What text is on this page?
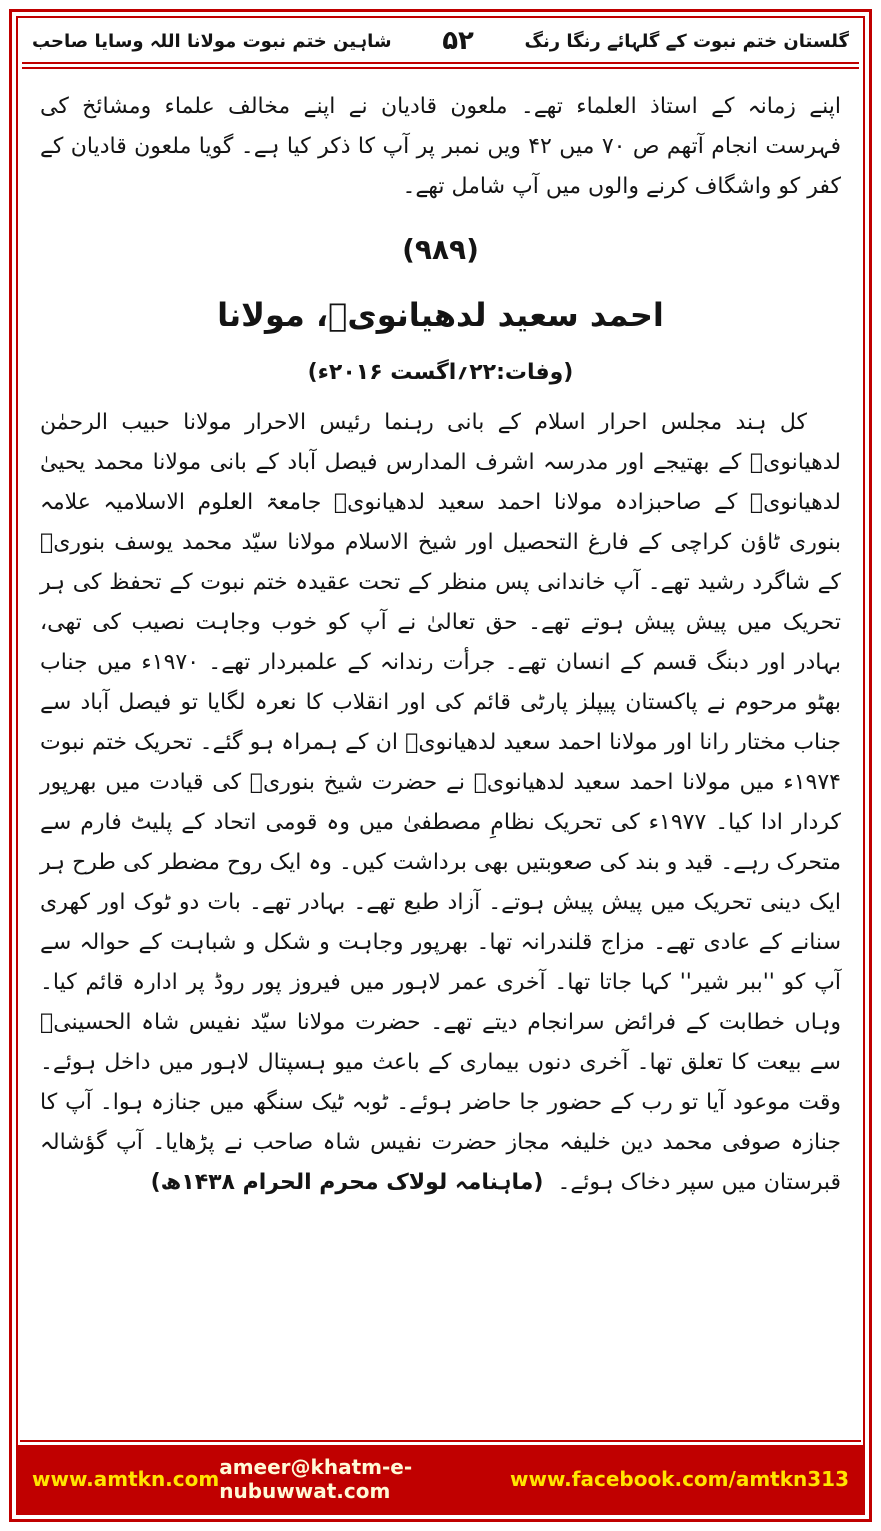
گلستان ختم نبوت کے گلہائے رنگا رنگ
۵۲
شاہین ختم نبوت مولانا اللہ وسایا صاحب

اپنے زمانہ کے استاذ العلماء تھے۔ ملعون قادیان نے اپنے مخالف علماء ومشائخ کی فہرست انجام آتھم ص ۷۰ میں ۴۲ ویں نمبر پر آپ کا ذکر کیا ہے۔ گویا ملعون قادیان کے کفر کو واشگاف کرنے والوں میں آپ شامل تھے۔

(۹۸۹)
احمد سعید لدھیانویؒ، مولانا
(وفات:۲۲؍اگست ۲۰۱۶ء)

کل ہند مجلس احرار اسلام کے بانی رہنما رئیس الاحرار مولانا حبیب الرحمٰن لدھیانویؒ کے بھتیجے اور مدرسہ اشرف المدارس فیصل آباد کے بانی مولانا محمد یحییٰ لدھیانویؒ کے صاحبزادہ مولانا احمد سعید لدھیانویؒ جامعۃ العلوم الاسلامیہ علامہ بنوری ٹاؤن کراچی کے فارغ التحصیل اور شیخ الاسلام مولانا سیّد محمد یوسف بنوریؒ کے شاگرد رشید تھے۔ آپ خاندانی پس منظر کے تحت عقیدہ ختم نبوت کے تحفظ کی ہر تحریک میں پیش پیش ہوتے تھے۔ حق تعالیٰ نے آپ کو خوب وجاہت نصیب کی تھی، بہادر اور دبنگ قسم کے انسان تھے۔ جرأت رندانہ کے علمبردار تھے۔ ۱۹۷۰ء میں جناب بھٹو مرحوم نے پاکستان پیپلز پارٹی قائم کی اور انقلاب کا نعرہ لگایا تو فیصل آباد سے جناب مختار رانا اور مولانا احمد سعید لدھیانویؒ ان کے ہمراہ ہو گئے۔ تحریک ختم نبوت ۱۹۷۴ء میں مولانا احمد سعید لدھیانویؒ نے حضرت شیخ بنوریؒ کی قیادت میں بھرپور کردار ادا کیا۔ ۱۹۷۷ء کی تحریک نظامِ مصطفیٰ میں وہ قومی اتحاد کے پلیٹ فارم سے متحرک رہے۔ قید و بند کی صعوبتیں بھی برداشت کیں۔ وہ ایک روح مضطر کی طرح ہر ایک دینی تحریک میں پیش پیش ہوتے۔ آزاد طبع تھے۔ بہادر تھے۔ بات دو ٹوک اور کھری سنانے کے عادی تھے۔ مزاج قلندرانہ تھا۔ بھرپور وجاہت و شکل و شباہت کے حوالہ سے آپ کو ''ببر شیر'' کہا جاتا تھا۔ آخری عمر لاہور میں فیروز پور روڈ پر ادارہ قائم کیا۔ وہاں خطابت کے فرائض سرانجام دیتے تھے۔ حضرت مولانا سیّد نفیس شاہ الحسینیؒ سے بیعت کا تعلق تھا۔ آخری دنوں بیماری کے باعث میو ہسپتال لاہور میں داخل ہوئے۔ وقت موعود آیا تو رب کے حضور جا حاضر ہوئے۔ ٹوبہ ٹیک سنگھ میں جنازہ ہوا۔ آپ کا جنازہ صوفی محمد دین خلیفہ مجاز حضرت نفیس شاہ صاحب نے پڑھایا۔ آپ گؤشالہ قبرستان میں سپر دخاک ہوئے۔(ماہنامہ لولاک محرم الحرام ۱۴۳۸ھ)

www.amtkn.com ameer@khatm-e-nubuwwat.com	www.facebook.com/amtkn313
